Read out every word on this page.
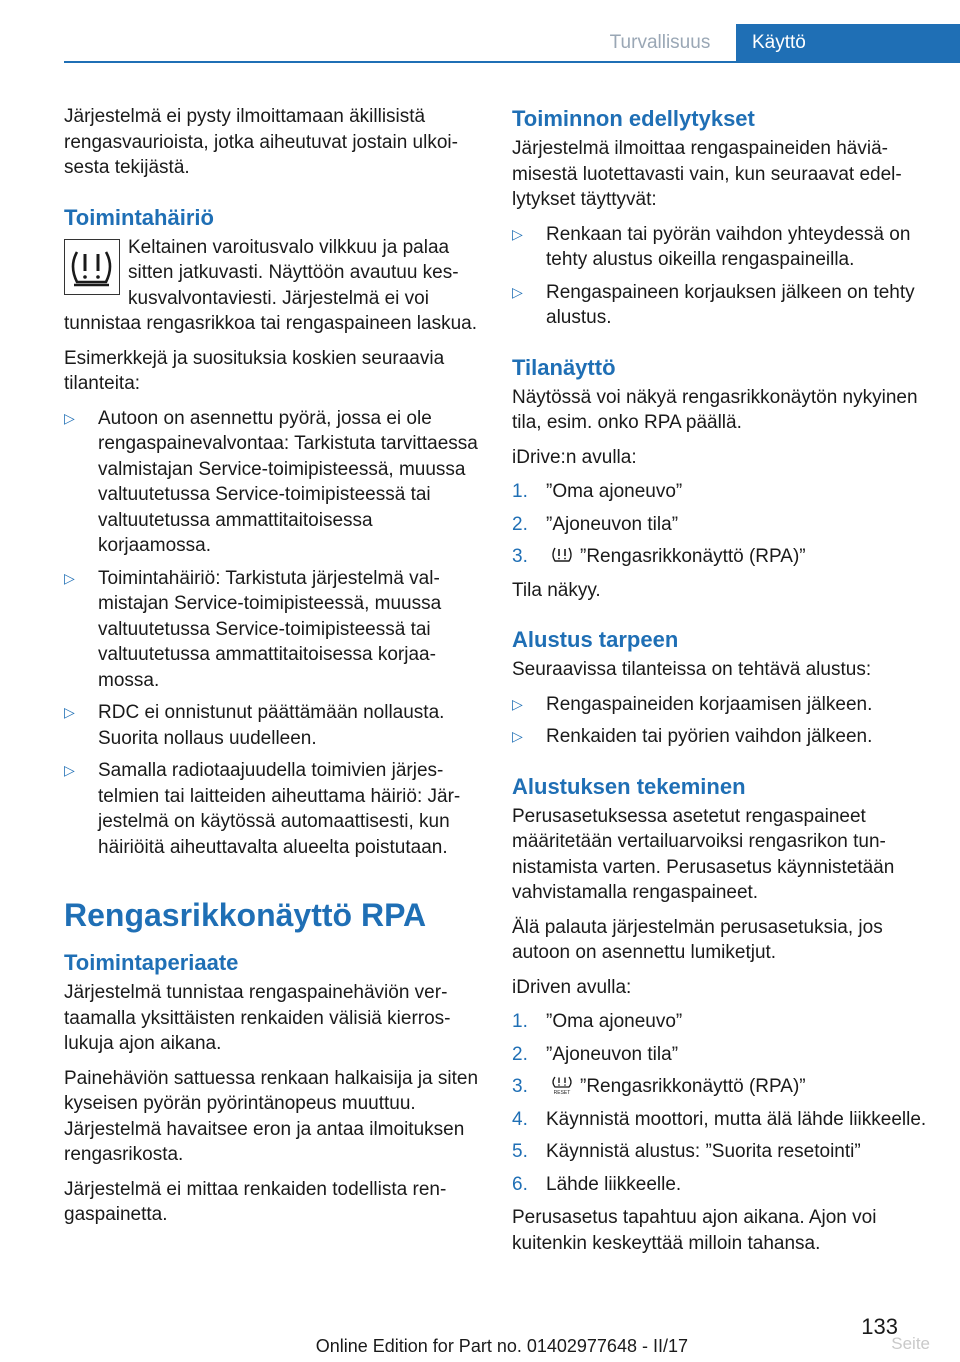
Turvallisuus	Käyttö

Järjestelmä ei pysty ilmoittamaan äkillisistä rengasvaurioista, jotka aiheutuvat jostain ulkoisesta tekijästä.

Toimintahäiriö

Keltainen varoitusvalo vilkkuu ja palaa sitten jatkuvasti. Näyttöön avautuu keskusvalvontaviesti. Järjestelmä ei voi tunnistaa rengasrikkoa tai rengaspaineen laskua.

Esimerkkejä ja suosituksia koskien seuraavia tilanteita:

▷ Autoon on asennettu pyörä, jossa ei ole rengaspainevalvontaa: Tarkistuta tarvittaessa valmistajan Service-toimipisteessä, muussa valtuutetussa Service-toimipisteessä tai valtuutetussa ammattitaitoisessa korjaamossa.
▷ Toimintahäiriö: Tarkistuta järjestelmä valmistajan Service-toimipisteessä, muussa valtuutetussa Service-toimipisteessä tai valtuutetussa ammattitaitoisessa korjaamossa.
▷ RDC ei onnistunut päättämään nollausta. Suorita nollaus uudelleen.
▷ Samalla radiotaajuudella toimivien järjestelmien tai laitteiden aiheuttama häiriö: Järjestelmä on käytössä automaattisesti, kun häiriöitä aiheuttavalta alueelta poistutaan.
Rengasrikkonäyttö RPA
Toimintaperiaate

Järjestelmä tunnistaa rengaspainehäviön vertaamalla yksittäisten renkaiden välisiä kierroslukuja ajon aikana.

Painehäviön sattuessa renkaan halkaisija ja siten kyseisen pyörän pyörintänopeus muuttuu. Järjestelmä havaitsee eron ja antaa ilmoituksen rengasrikosta.

Järjestelmä ei mittaa renkaiden todellista rengaspainetta.

Toiminnon edellytykset

Järjestelmä ilmoittaa rengaspaineiden häviämisestä luotettavasti vain, kun seuraavat edellytykset täyttyvät:

▷ Renkaan tai pyörän vaihdon yhteydessä on tehty alustus oikeilla rengaspaineilla.
▷ Rengaspaineen korjauksen jälkeen on tehty alustus.
Tilanäyttö

Näytössä voi näkyä rengasrikkonäytön nykyinen tila, esim. onko RPA päällä.

iDrive:n avulla:

1. ”Oma ajoneuvo”
2. ”Ajoneuvon tila”
3.	”Rengasrikkonäyttö (RPA)”

Tila näkyy.

Alustus tarpeen

Seuraavissa tilanteissa on tehtävä alustus:

▷ Rengaspaineiden korjaamisen jälkeen.
▷ Renkaiden tai pyörien vaihdon jälkeen.
Alustuksen tekeminen

Perusasetuksessa asetetut rengaspaineet määritetään vertailuarvoiksi rengasrikon tunnistamista varten. Perusasetus käynnistetään vahvistamalla rengaspaineet.

Älä palauta järjestelmän perusasetuksia, jos autoon on asennettu lumiketjut.

iDriven avulla:

1. ”Oma ajoneuvo”
2. ”Ajoneuvon tila”
3.	RESET ”Rengasrikkonäyttö (RPA)”
4. Käynnistä moottori, mutta älä lähde liikkeelle.
5. Käynnistä alustus: ”Suorita resetointi”
6. Lähde liikkeelle.

Perusasetus tapahtuu ajon aikana. Ajon voi kuitenkin keskeyttää milloin tahansa.

Seite
133
Online Edition for Part no. 01402977648 - II/17
